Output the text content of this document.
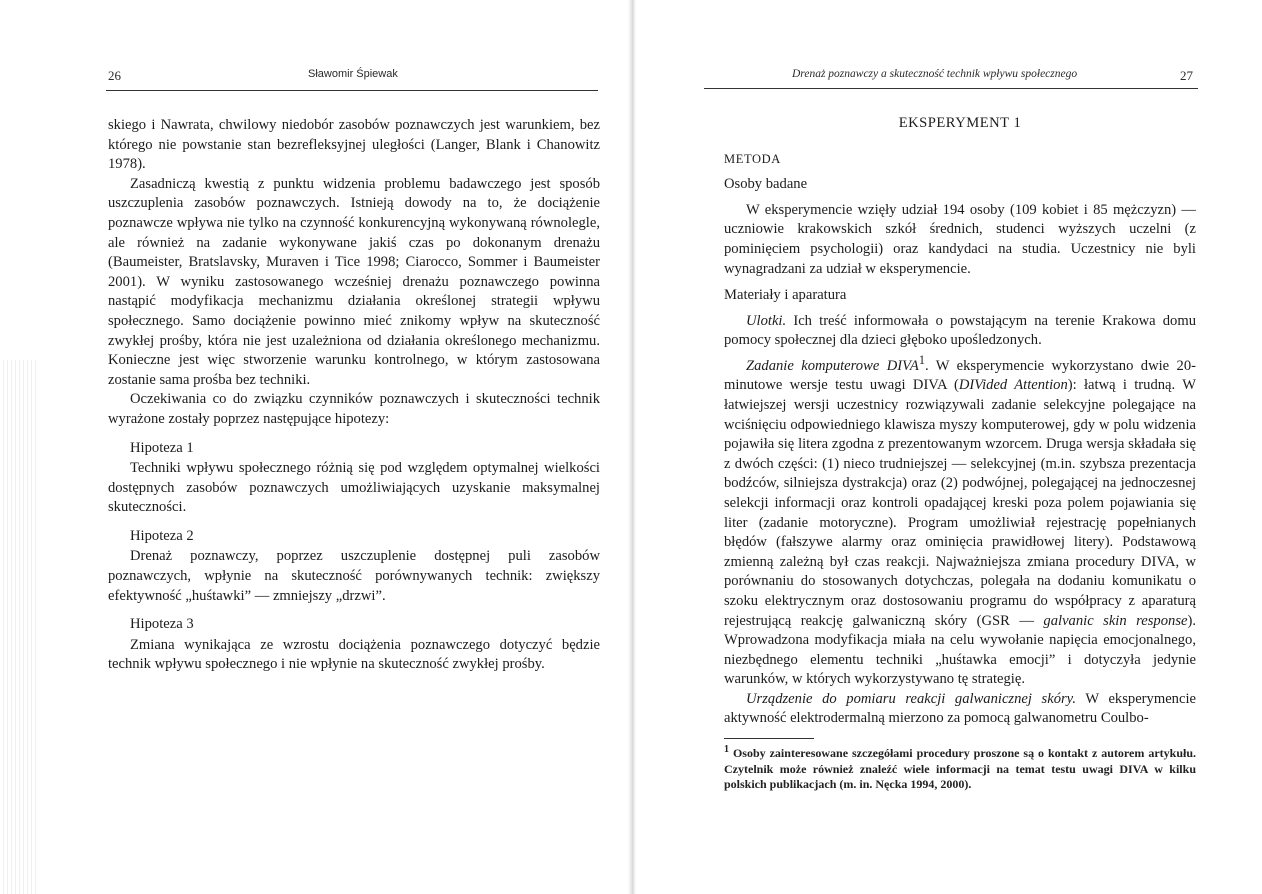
26	Sławomir Śpiewak

skiego i Nawrata, chwilowy niedobór zasobów poznawczych jest warunkiem, bez którego nie powstanie stan bezrefleksyjnej uległości (Langer, Blank i Chanowitz 1978).

Zasadniczą kwestią z punktu widzenia problemu badawczego jest sposób uszczuplenia zasobów poznawczych. Istnieją dowody na to, że dociążenie poznawcze wpływa nie tylko na czynność konkurencyjną wykonywaną równolegle, ale również na zadanie wykonywane jakiś czas po dokonanym drenażu (Baumeister, Bratslavsky, Muraven i Tice 1998; Ciarocco, Sommer i Baumeister 2001). W wyniku zastosowanego wcześniej drenażu poznawczego powinna nastąpić modyfikacja mechanizmu działania określonej strategii wpływu społecznego. Samo dociążenie powinno mieć znikomy wpływ na skuteczność zwykłej prośby, która nie jest uzależniona od działania określonego mechanizmu. Konieczne jest więc stworzenie warunku kontrolnego, w którym zastosowana zostanie sama prośba bez techniki.

Oczekiwania co do związku czynników poznawczych i skuteczności technik wyrażone zostały poprzez następujące hipotezy:

Hipoteza 1

Techniki wpływu społecznego różnią się pod względem optymalnej wielkości dostępnych zasobów poznawczych umożliwiających uzyskanie maksymalnej skuteczności.

Hipoteza 2

Drenaż poznawczy, poprzez uszczuplenie dostępnej puli zasobów poznawczych, wpłynie na skuteczność porównywanych technik: zwiększy efektywność „huśtawki” — zmniejszy „drzwi”.

Hipoteza 3

Zmiana wynikająca ze wzrostu dociążenia poznawczego dotyczyć będzie technik wpływu społecznego i nie wpłynie na skuteczność zwykłej prośby.

Drenaż poznawczy a skuteczność technik wpływu społecznego	27

EKSPERYMENT 1

METODA

Osoby badane

W eksperymencie wzięły udział 194 osoby (109 kobiet i 85 mężczyzn) — uczniowie krakowskich szkół średnich, studenci wyższych uczelni (z pominięciem psychologii) oraz kandydaci na studia. Uczestnicy nie byli wynagradzani za udział w eksperymencie.

Materiały i aparatura

Ulotki. Ich treść informowała o powstającym na terenie Krakowa domu pomocy społecznej dla dzieci głęboko upośledzonych.

Zadanie komputerowe DIVA$^1$. W eksperymencie wykorzystano dwie 20-minutowe wersje testu uwagi DIVA (DIVided Attention): łatwą i trudną. W łatwiejszej wersji uczestnicy rozwiązywali zadanie selekcyjne polegające na wciśnięciu odpowiedniego klawisza myszy komputerowej, gdy w polu widzenia pojawiła się litera zgodna z prezentowanym wzorcem. Druga wersja składała się z dwóch części: (1) nieco trudniejszej — selekcyjnej (m.in. szybsza prezentacja bodźców, silniejsza dystrakcja) oraz (2) podwójnej, polegającej na jednoczesnej selekcji informacji oraz kontroli opadającej kreski poza polem pojawiania się liter (zadanie motoryczne). Program umożliwiał rejestrację popełnianych błędów (fałszywe alarmy oraz ominięcia prawidłowej litery). Podstawową zmienną zależną był czas reakcji. Najważniejsza zmiana procedury DIVA, w porównaniu do stosowanych dotychczas, polegała na dodaniu komunikatu o szoku elektrycznym oraz dostosowaniu programu do współpracy z aparaturą rejestrującą reakcję galwaniczną skóry (GSR — galvanic skin response). Wprowadzona modyfikacja miała na celu wywołanie napięcia emocjonalnego, niezbędnego elementu techniki „huśtawka emocji” i dotyczyła jedynie warunków, w których wykorzystywano tę strategię.

Urządzenie do pomiaru reakcji galwanicznej skóry. W eksperymencie aktywność elektrodermalną mierzono za pomocą galwanometru Coulbo-

$^1$ Osoby zainteresowane szczegółami procedury proszone są o kontakt z autorem artykułu. Czytelnik może również znaleźć wiele informacji na temat testu uwagi DIVA w kilku polskich publikacjach (m. in. Nęcka 1994, 2000).
